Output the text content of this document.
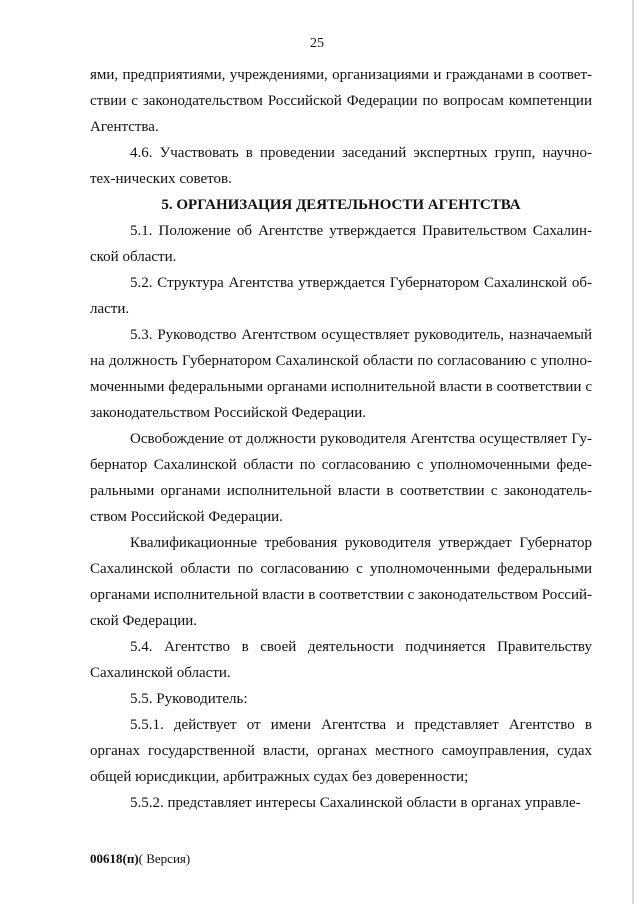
25

ями, предприятиями, учреждениями, организациями и гражданами в соответ-ствии с законодательством Российской Федерации по вопросам компетенции Агентства.

4.6. Участвовать в проведении заседаний экспертных групп, научно-тех-нических советов.

5. ОРГАНИЗАЦИЯ ДЕЯТЕЛЬНОСТИ АГЕНТСТВА

5.1. Положение об Агентстве утверждается Правительством Сахалин-ской области.

5.2. Структура Агентства утверждается Губернатором Сахалинской об-ласти.

5.3. Руководство Агентством осуществляет руководитель, назначаемый на должность Губернатором Сахалинской области по согласованию с уполно-моченными федеральными органами исполнительной власти в соответствии с законодательством Российской Федерации.

Освобождение от должности руководителя Агентства осуществляет Гу-бернатор Сахалинской области по согласованию с уполномоченными феде-ральными органами исполнительной власти в соответствии с законодатель-ством Российской Федерации.

Квалификационные требования руководителя утверждает Губернатор Сахалинской области по согласованию с уполномоченными федеральными органами исполнительной власти в соответствии с законодательством Россий-ской Федерации.

5.4. Агентство в своей деятельности подчиняется Правительству Сахалинской области.

5.5. Руководитель:

5.5.1. действует от имени Агентства и представляет Агентство в органах государственной власти, органах местного самоуправления, судах общей юрисдикции, арбитражных судах без доверенности;

5.5.2. представляет интересы Сахалинской области в органах управле-

00618(п)( Версия)
